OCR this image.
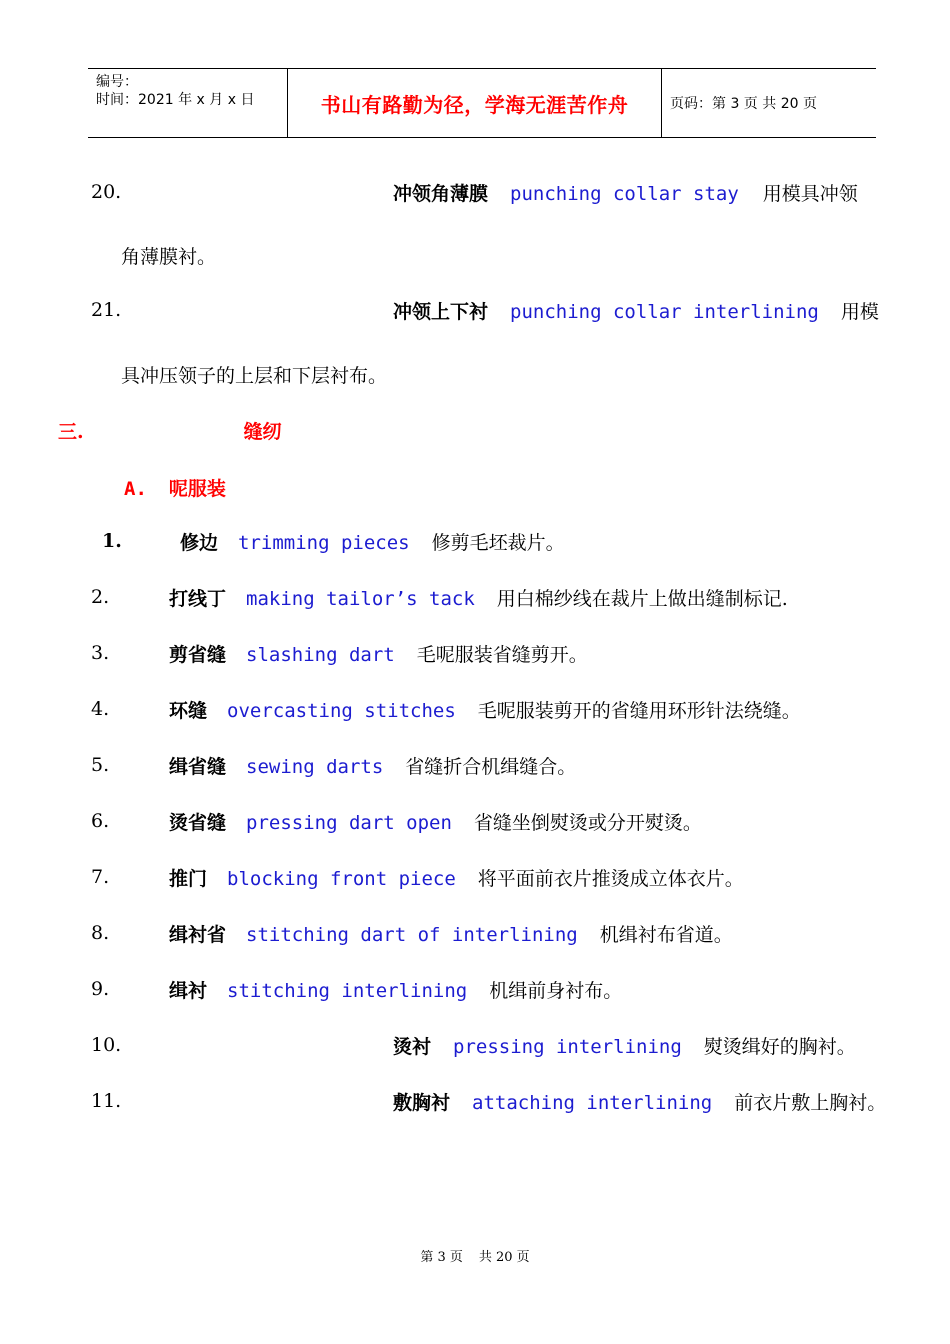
编号：
时间：2021 年 x 月 x 日	书山有路勤为径，学海无涯苦作舟	页码：第 3 页 共 20 页
20.	冲领角薄膜 punching collar stay 用模具冲领
角薄膜衬。
21.	冲领上下衬 punching collar interlining 用模
具冲压领子的上层和下层衬布。
三.	缝纫
A. 呢服装
1.	修边 trimming pieces 修剪毛坯裁片。
2.	打线丁 making tailor’s tack 用白棉纱线在裁片上做出缝制标记.
3.	剪省缝 slashing dart 毛呢服装省缝剪开。
4.	环缝 overcasting stitches 毛呢服装剪开的省缝用环形针法绕缝。
5.	缉省缝 sewing darts 省缝折合机缉缝合。
6.	烫省缝 pressing dart open 省缝坐倒熨烫或分开熨烫。
7.	推门 blocking front piece 将平面前衣片推烫成立体衣片。
8.	缉衬省 stitching dart of interlining 机缉衬布省道。
9.	缉衬 stitching interlining 机缉前身衬布。
10.	烫衬 pressing interlining 熨烫缉好的胸衬。
11.	敷胸衬 attaching interlining 前衣片敷上胸衬。
第 3 页 共 20 页
